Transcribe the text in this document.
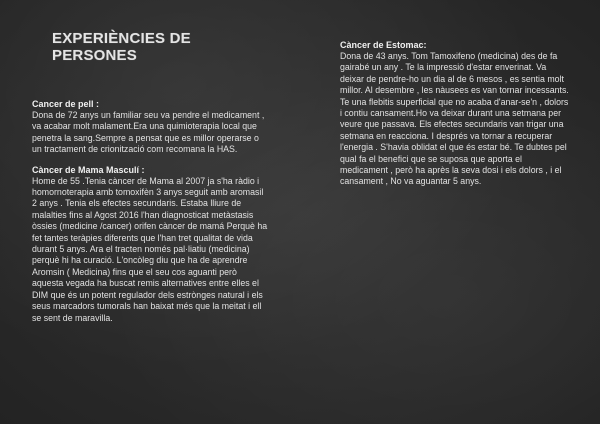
EXPERIÈNCIES DE PERSONES
Cancer de pell :
Dona de 72 anys un familiar seu va pendre el medicament , va acabar molt malament.Era una quimioterapia local que penetra la sang.Sempre a pensat que es millor operarse o un tractament de crionització com recomana la HAS.
Càncer de Mama Masculí :
Home de 55 .Tenia càncer de Mama al 2007 ja s'ha ràdio i homornoterapia amb tomoxifèn 3 anys seguit amb aromasil 2 anys . Tenia els efectes secundaris. Estaba lliure de malalties fins al Agost 2016 l'han diagnosticat metàstasis òssies (medicine /cancer) orifen càncer de mamá Perquè ha fet tantes teràpies diferents que l'han tret qualitat de vida durant 5 anys. Ara el tracten només pal·liatiu (medicina) perquè hi ha curació. L'oncòleg diu que ha de aprendre Aromsin ( Medicina) fins que el seu cos aguanti però aquesta vegada ha buscat remis alternatives entre elles el DIM que és un potent regulador dels estrònges natural i els seus marcadors tumorals han baixat més que la meitat i ell se sent de maravilla.
Càncer de Estomac:
Dona de 43 anys. Tom Tamoxifeno (medicina) des de fa gairabé un any . Te la impressió d'estar enverinat. Va deixar de pendre-ho un dia al de 6 mesos , es sentia molt millor. Al desembre , les nàusees es van tornar incessants. Te una flebitis superficial que no acaba d'anar-se'n , dolors i contiu cansament.Ho va deixar durant una setmana per veure que passava. Els efectes secundaris van trigar una setmana en reacciona. I després va tornar a recuperar l'energia . S'havia oblidat el que és estar bé. Te dubtes pel qual fa el benefici que se suposa que aporta el medicament , però ha après la seva dosi i els dolors , i el cansament , No va aguantar 5 anys.
